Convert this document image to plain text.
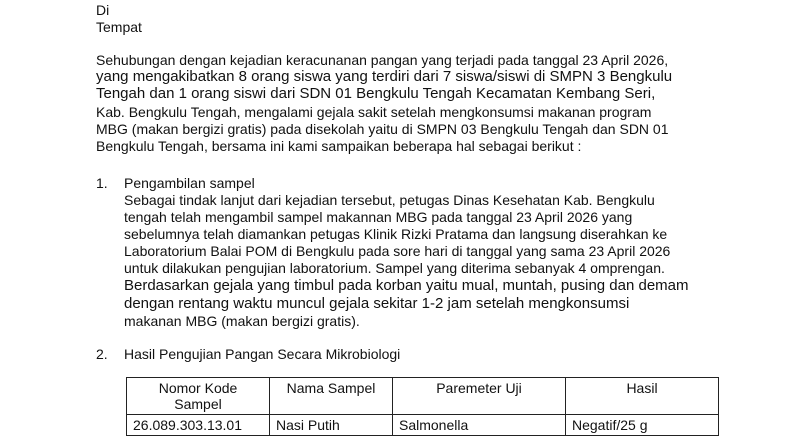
Di
Tempat
Sehubungan dengan kejadian keracunanan pangan yang terjadi pada tanggal 23 April 2026,
yang mengakibatkan 8 orang siswa yang terdiri dari 7 siswa/siswi di SMPN 3 Bengkulu
Tengah dan 1 orang siswi dari SDN 01 Bengkulu Tengah Kecamatan Kembang Seri,
Kab. Bengkulu Tengah, mengalami gejala sakit setelah mengkonsumsi makanan program
MBG (makan bergizi gratis) pada disekolah yaitu di SMPN 03 Bengkulu Tengah dan SDN 01
Bengkulu Tengah, bersama ini kami sampaikan beberapa hal sebagai berikut :
1. Pengambilan sampel
Sebagai tindak lanjut dari kejadian tersebut, petugas Dinas Kesehatan Kab. Bengkulu
tengah telah mengambil sampel makannan MBG pada tanggal 23 April 2026 yang
sebelumnya telah diamankan petugas Klinik Rizki Pratama dan langsung diserahkan ke
Laboratorium Balai POM di Bengkulu pada sore hari di tanggal yang sama 23 April 2026
untuk dilakukan pengujian laboratorium. Sampel yang diterima sebanyak 4 omprengan.
Berdasarkan gejala yang timbul pada korban yaitu mual, muntah, pusing dan demam
dengan rentang waktu muncul gejala sekitar 1-2 jam setelah mengkonsumsi
makanan MBG (makan bergizi gratis).
2. Hasil Pengujian Pangan Secara Mikrobiologi
Nomor Kode
Sampel	Nama Sampel	Paremeter Uji	Hasil
26.089.303.13.01	Nasi Putih	Salmonella	Negatif/25 g
